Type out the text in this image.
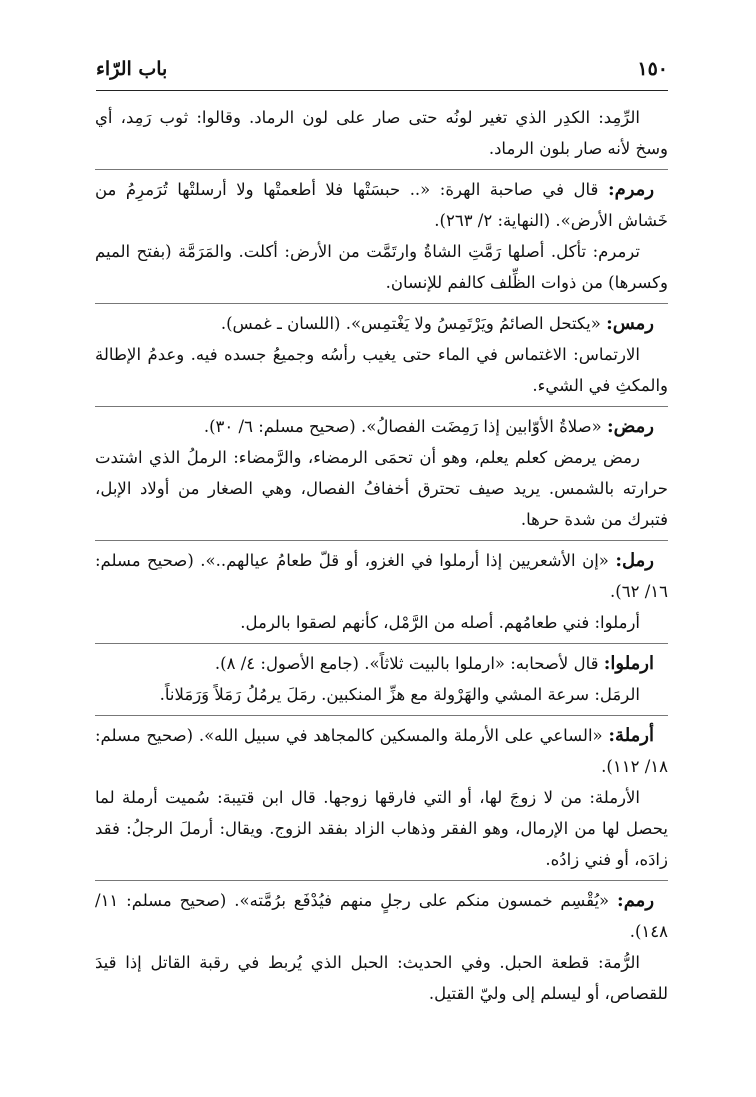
١٥٠
باب الرّاء

الرِّمِد: الكدِر الذي تغير لونُه حتى صار على لون الرماد. وقالوا: ثوب رَمِد، أي وسخ لأنه صار بلون الرماد.

رمرم: قال في صاحبة الهرة: «.. حبسَتْها فلا أطعمتْها ولا أرسلتْها تُرَمرِمُ من خَشاش الأرض». (النهاية: ٢/ ٢٦٣).

ترمرم: تأكل. أصلها رَمَّتِ الشاةُ وارتَمَّت من الأرض: أكلت. والمَرَمَّة (بفتح الميم وكسرها) من ذوات الظِّلف كالفم للإنسان.

رمس: «يكتحل الصائمُ ويَرْتَمِسُ ولا يَغْتمِس». (اللسان ـ غمس).

الارتماس: الاغتماس في الماء حتى يغيب رأسُه وجميعُ جسده فيه. وعدمُ الإطالة والمكثِ في الشيء.

رمض: «صلاةُ الأوّابين إذا رَمِضَت الفصالُ». (صحيح مسلم: ٦/ ٣٠).

رمض يرمض كعلم يعلم، وهو أن تحمَى الرمضاء، والرَّمضاء: الرملُ الذي اشتدت حرارته بالشمس. يريد صيف تحترق أخفافُ الفصال، وهي الصغار من أولاد الإبل، فتبرك من شدة حرها.

رمل: «إن الأشعريين إذا أرملوا في الغزو، أو قلّ طعامُ عيالهم..». (صحيح مسلم: ١٦/ ٦٢).

أرملوا: فني طعامُهم. أصله من الرَّمْل، كأنهم لصقوا بالرمل.

ارملوا: قال لأصحابه: «ارملوا بالبيت ثلاثاً». (جامع الأصول: ٤/ ٨).

الرمَل: سرعة المشي والهَرْولة مع هزِّ المنكبين. رمَلَ يرمُلُ رَمَلاً وَرَمَلاناً.

أرملة: «الساعي على الأرملة والمسكين كالمجاهد في سبيل الله». (صحيح مسلم: ١٨/ ١١٢).

الأرملة: من لا زوجَ لها، أو التي فارقها زوجها. قال ابن قتيبة: سُميت أرملة لما يحصل لها من الإرمال، وهو الفقر وذهاب الزاد بفقد الزوج. ويقال: أرملَ الرجلُ: فقد زادَه، أو فني زادُه.

رمم: «يُقْسِم خمسون منكم على رجلٍ منهم فيُدْفَع برُمَّته». (صحيح مسلم: ١١/ ١٤٨).

الرُّمة: قطعة الحبل. وفي الحديث: الحبل الذي يُربط في رقبة القاتل إذا قيدَ للقصاص، أو ليسلم إلى وليّ القتيل.
